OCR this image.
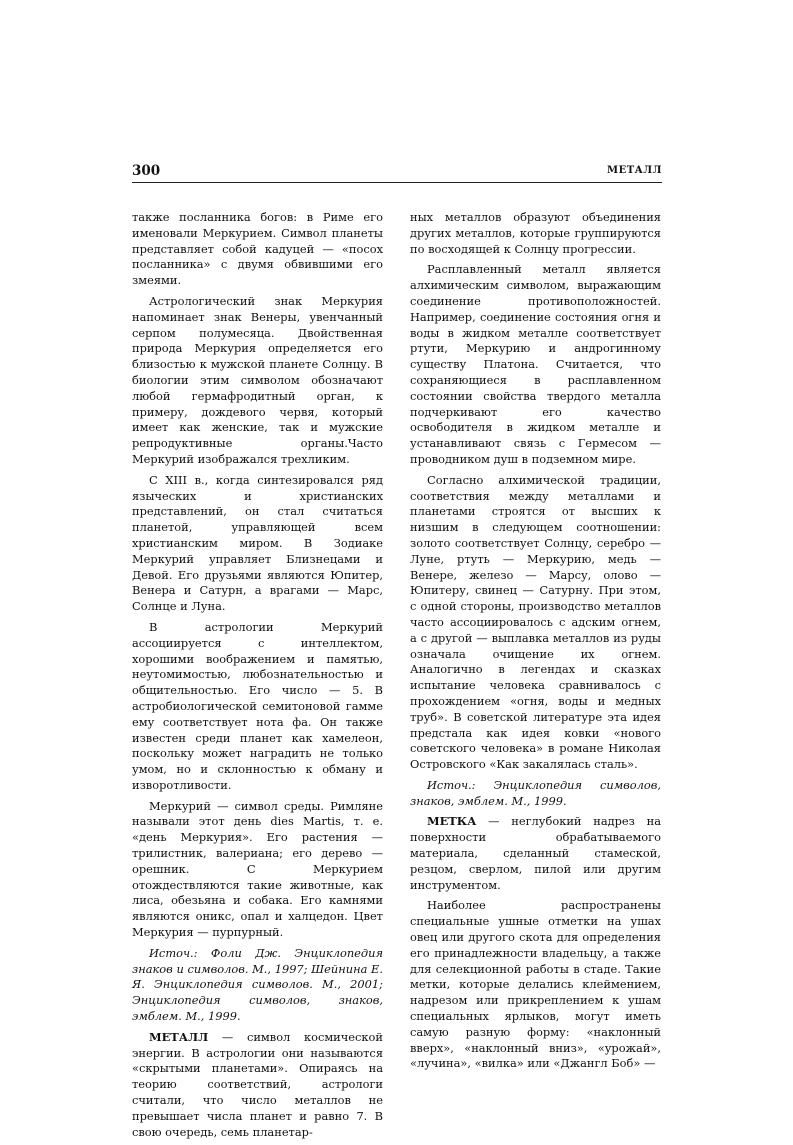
300	МЕТАЛЛ

также посланника богов: в Риме его именовали Меркурием. Символ планеты представляет собой кадуцей — «посох посланника» с двумя обвившими его змеями.

Астрологический знак Меркурия напоминает знак Венеры, увенчанный серпом полумесяца. Двойственная природа Меркурия определяется его близостью к мужской планете Солнцу. В биологии этим символом обозначают любой гермафродитный орган, к примеру, дождевого червя, который имеет как женские, так и мужские репродуктивные органы.Часто Меркурий изображался трехликим.

С XIII в., когда синтезировался ряд языческих и христианских представлений, он стал считаться планетой, управляющей всем христианским миром. В Зодиаке Меркурий управляет Близнецами и Девой. Его друзьями являются Юпитер, Венера и Сатурн, а врагами — Марс, Солнце и Луна.

В астрологии Меркурий ассоциируется с интеллектом, хорошими воображением и памятью, неутомимостью, любознательностью и общительностью. Его число — 5. В астробиологической семитоновой гамме ему соответствует нота фа. Он также известен среди планет как хамелеон, поскольку может наградить не только умом, но и склонностью к обману и изворотливости.

Меркурий — символ среды. Римляне называли этот день dies Martis, т. е. «день Меркурия». Его растения — трилистник, валериана; его дерево — орешник. С Меркурием отождествляются такие животные, как лиса, обезьяна и собака. Его камнями являются оникс, опал и халцедон. Цвет Меркурия — пурпурный.

Источ.: Фоли Дж. Энциклопедия знаков и символов. М., 1997; Шейнина Е. Я. Энциклопедия символов. М., 2001; Энциклопедия символов, знаков, эмблем. М., 1999.

МЕТАЛЛ — символ космической энергии. В астрологии они называются «скрытыми планетами». Опираясь на теорию соответствий, астрологи считали, что число металлов не превышает числа планет и равно 7. В свою очередь, семь планетар-

ных металлов образуют объединения других металлов, которые группируются по восходящей к Солнцу прогрессии.

Расплавленный металл является алхимическим символом, выражающим соединение противоположностей. Например, соединение состояния огня и воды в жидком металле соответствует ртути, Меркурию и андрогинному существу Платона. Считается, что сохраняющиеся в расплавленном состоянии свойства твердого металла подчеркивают его качество освободителя в жидком металле и устанавливают связь с Гермесом — проводником душ в подземном мире.

Согласно алхимической традиции, соответствия между металлами и планетами строятся от высших к низшим в следующем соотношении: золото соответствует Солнцу, серебро — Луне, ртуть — Меркурию, медь — Венере, железо — Марсу, олово — Юпитеру, свинец — Сатурну. При этом, с одной стороны, производство металлов часто ассоциировалось с адским огнем, а с другой — выплавка металлов из руды означала очищение их огнем. Аналогично в легендах и сказках испытание человека сравнивалось с прохождением «огня, воды и медных труб». В советской литературе эта идея предстала как идея ковки «нового советского человека» в романе Николая Островского «Как закалялась сталь».

Источ.: Энциклопедия символов, знаков, эмблем. М., 1999.

МЕТКА — неглубокий надрез на поверхности обрабатываемого материала, сделанный стамеской, резцом, сверлом, пилой или другим инструментом.

Наиболее распространены специальные ушные отметки на ушах овец или другого скота для определения его принадлежности владельцу, а также для селекционной работы в стаде. Такие метки, которые делались клеймением, надрезом или прикреплением к ушам специальных ярлыков, могут иметь самую разную форму: «наклонный вверх», «наклонный вниз», «урожай», «лучина», «вилка» или «Джангл Боб» —
